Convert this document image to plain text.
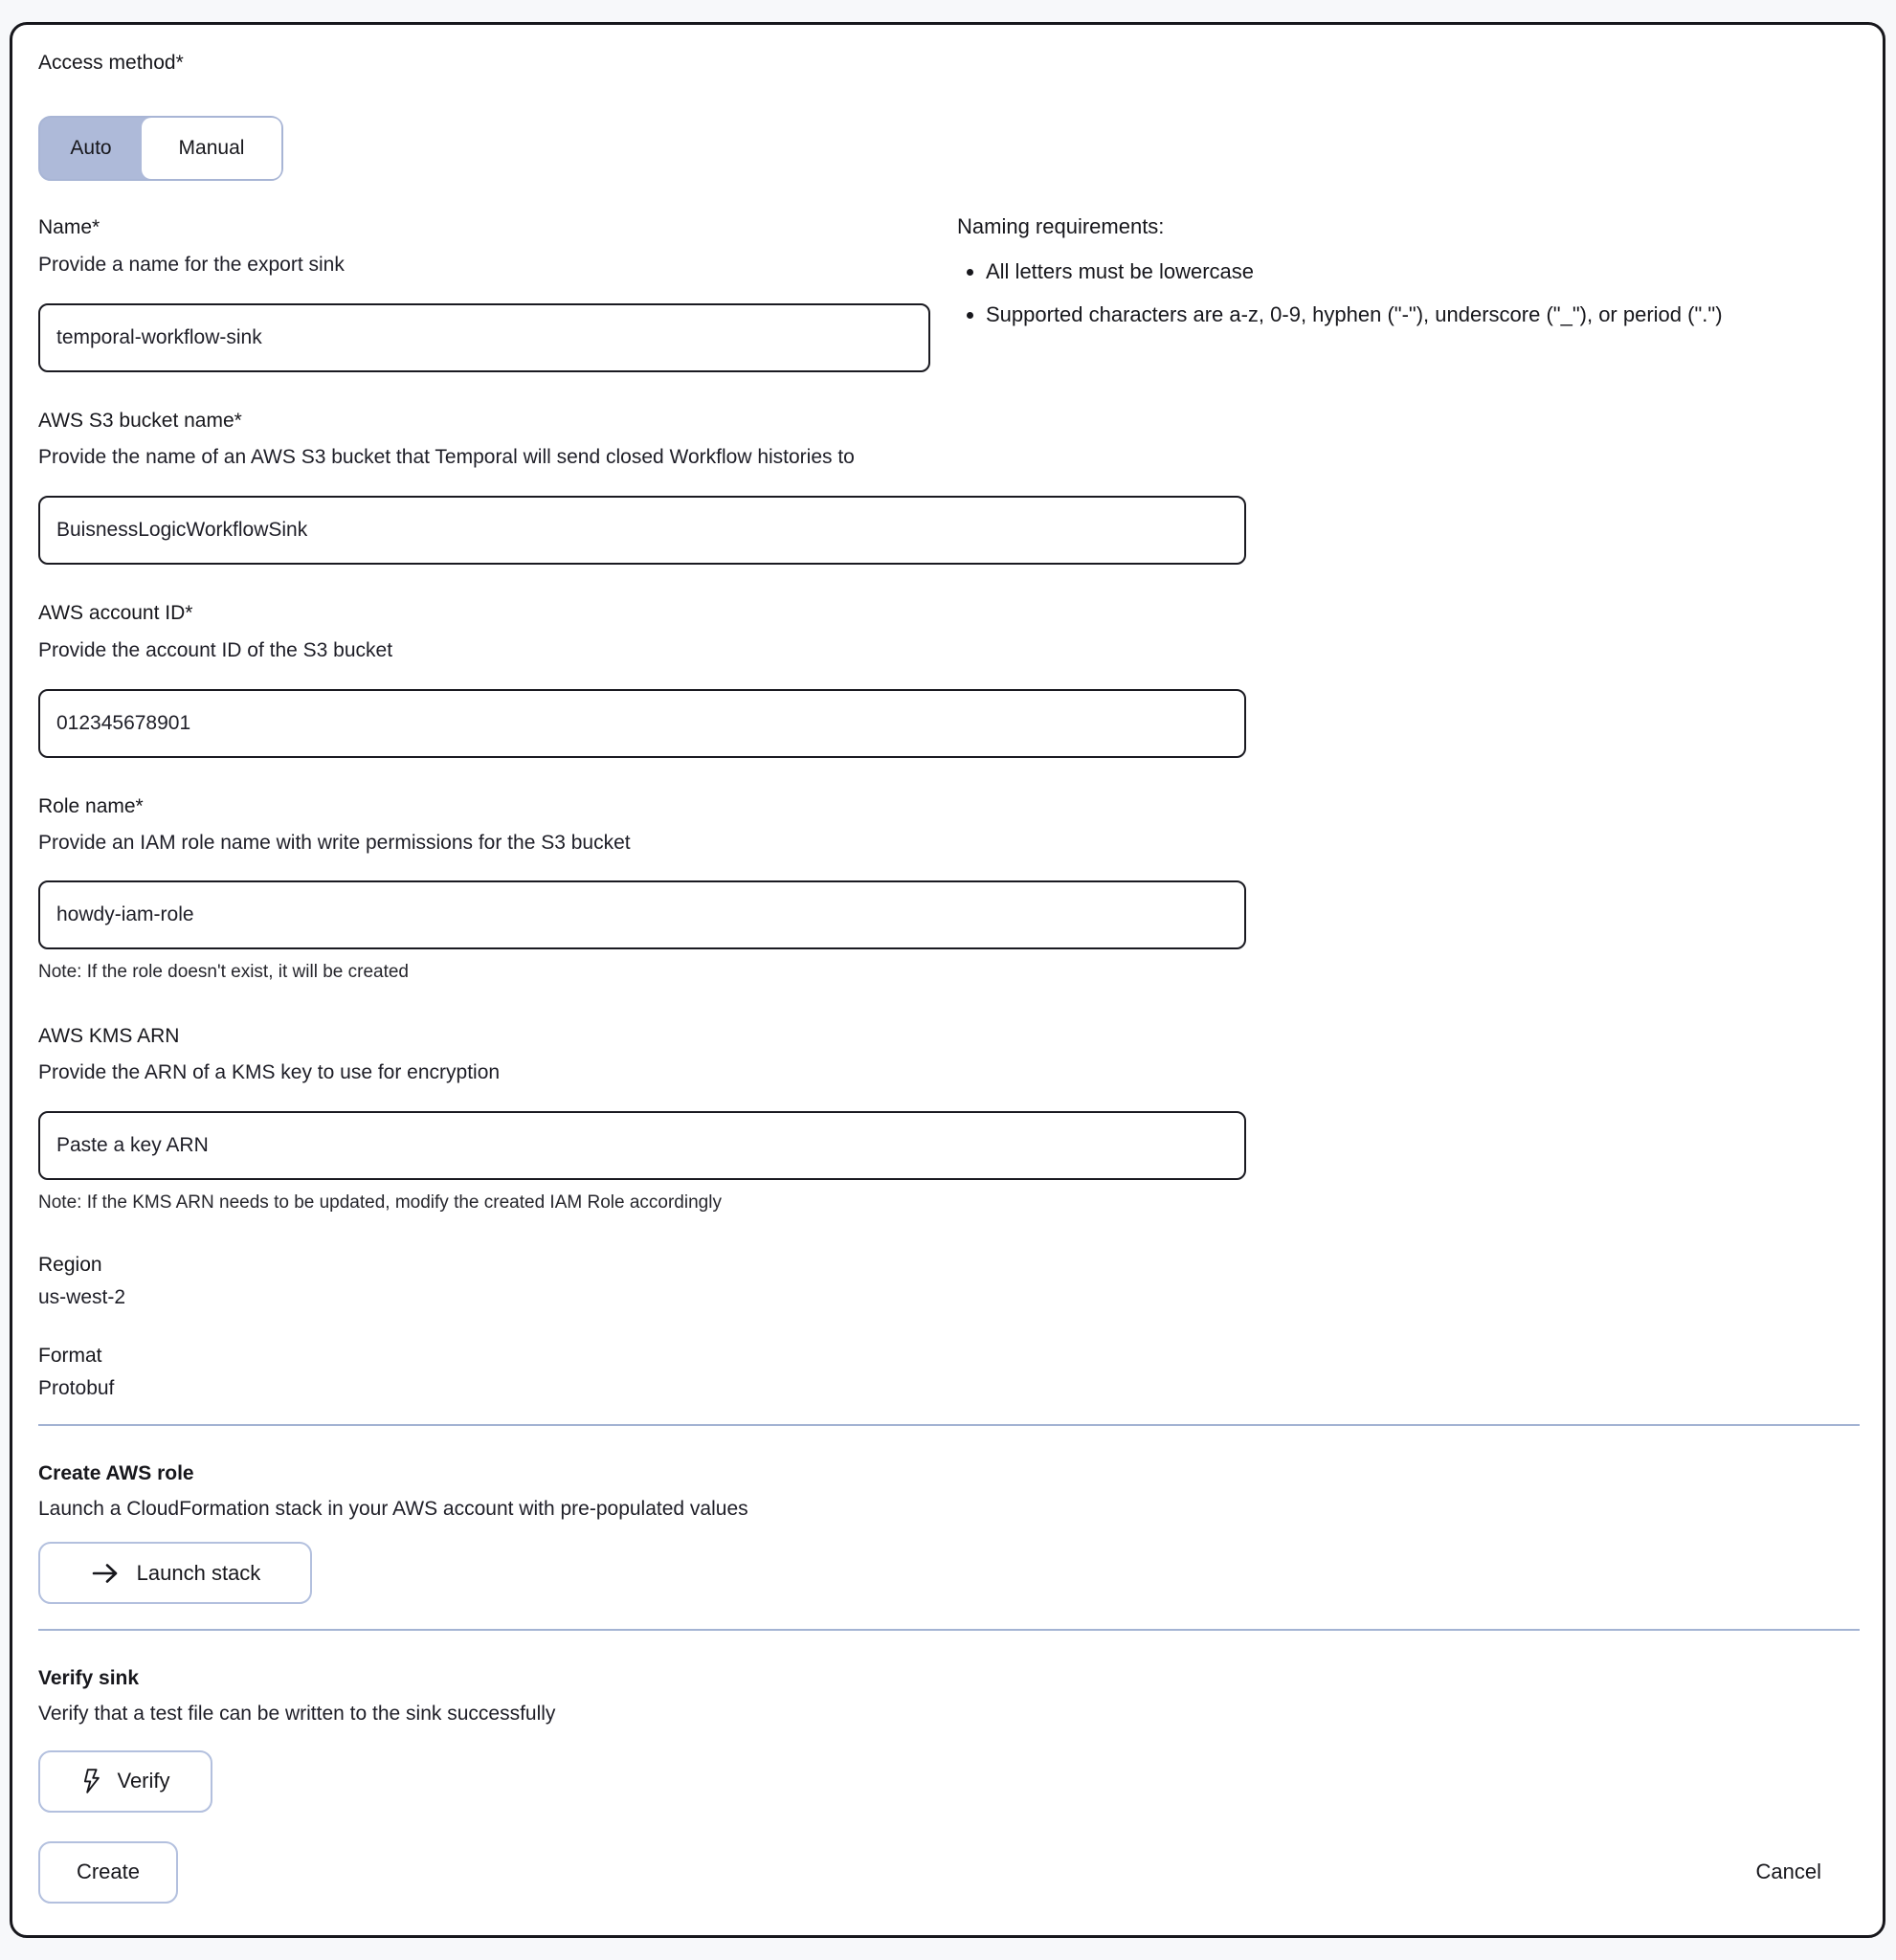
Access method*
Auto	Manual
Naming requirements:
• All letters must be lowercase
• Supported characters are a-z, 0-9, hyphen ("-"), underscore ("_"), or period (".")
Name*
Provide a name for the export sink
temporal-workflow-sink
AWS S3 bucket name*
Provide the name of an AWS S3 bucket that Temporal will send closed Workflow histories to
BuisnessLogicWorkflowSink
AWS account ID*
Provide the account ID of the S3 bucket
012345678901
Role name*
Provide an IAM role name with write permissions for the S3 bucket
howdy-iam-role
Note: If the role doesn't exist, it will be created
AWS KMS ARN
Provide the ARN of a KMS key to use for encryption
Paste a key ARN
Note: If the KMS ARN needs to be updated, modify the created IAM Role accordingly
Region
us-west-2
Format
Protobuf
Create AWS role
Launch a CloudFormation stack in your AWS account with pre-populated values
Launch stack
Verify sink
Verify that a test file can be written to the sink successfully
Verify
Create	Cancel
